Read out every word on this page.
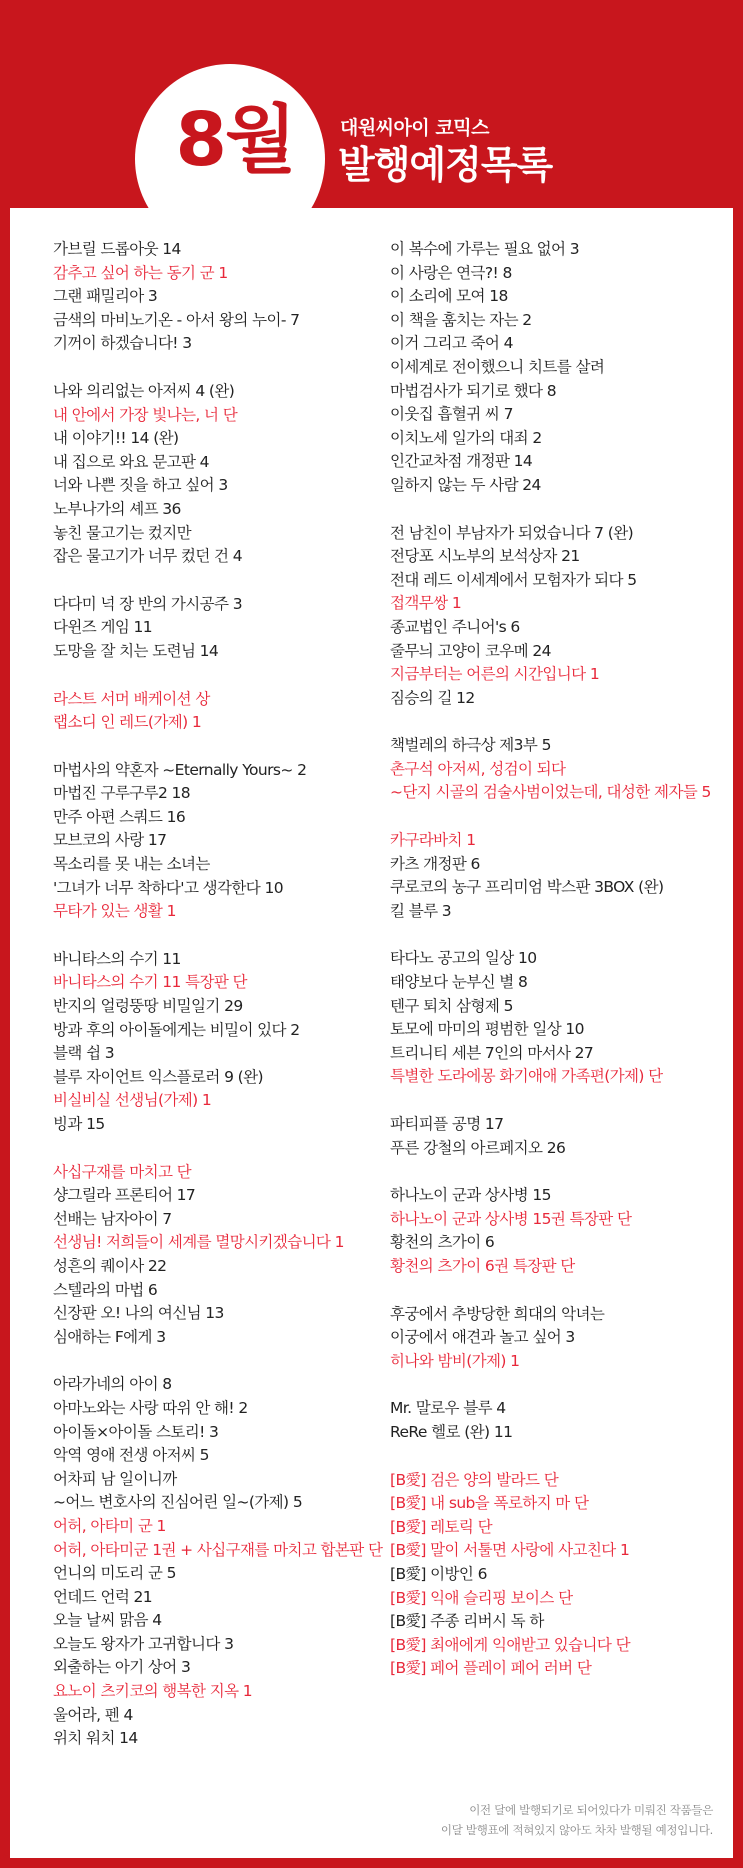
8월	대원씨아이 코믹스
발행예정목록
가브릴 드롭아웃 14
감추고 싶어 하는 동기 군 1
그랜 패밀리아 3
금색의 마비노기온 - 아서 왕의 누이- 7
기꺼이 하겠습니다! 3
나와 의리없는 아저씨 4 (완)
내 안에서 가장 빛나는, 너 단
내 이야기!! 14 (완)
내 집으로 와요 문고판 4
너와 나쁜 짓을 하고 싶어 3
노부나가의 셰프 36
놓친 물고기는 컸지만
잡은 물고기가 너무 컸던 건 4
다다미 넉 장 반의 가시공주 3
다윈즈 게임 11
도망을 잘 치는 도련님 14
라스트 서머 배케이션 상
랩소디 인 레드(가제) 1
마법사의 약혼자 ~Eternally Yours~ 2
마법진 구루구루2 18
만주 아편 스쿼드 16
모브코의 사랑 17
목소리를 못 내는 소녀는
'그녀가 너무 착하다'고 생각한다 10
무타가 있는 생활 1
바니타스의 수기 11
바니타스의 수기 11 특장판 단
반지의 얼렁뚱땅 비밀일기 29
방과 후의 아이돌에게는 비밀이 있다 2
블랙 쉽 3
블루 자이언트 익스플로러 9 (완)
비실비실 선생님(가제) 1
빙과 15
사십구재를 마치고 단
샹그릴라 프론티어 17
선배는 남자아이 7
선생님! 저희들이 세계를 멸망시키겠습니다 1
성흔의 퀘이사 22
스텔라의 마법 6
신장판 오! 나의 여신님 13
심애하는 F에게 3
아라가네의 아이 8
아마노와는 사랑 따위 안 해! 2
아이돌×아이돌 스토리! 3
악역 영애 전생 아저씨 5
어차피 남 일이니까
~어느 변호사의 진심어린 일~(가제) 5
어허, 아타미 군 1
어허, 아타미군 1권 + 사십구재를 마치고 합본판 단
언니의 미도리 군 5
언데드 언럭 21
오늘 날씨 맑음 4
오늘도 왕자가 고귀합니다 3
외출하는 아기 상어 3
요노이 츠키코의 행복한 지옥 1
울어라, 펜 4
위치 워치 14
이 복수에 가루는 필요 없어 3
이 사랑은 연극?! 8
이 소리에 모여 18
이 책을 훔치는 자는 2
이거 그리고 죽어 4
이세계로 전이했으니 치트를 살려
마법검사가 되기로 했다 8
이웃집 흡혈귀 씨 7
이치노세 일가의 대죄 2
인간교차점 개정판 14
일하지 않는 두 사람 24
전 남친이 부남자가 되었습니다 7 (완)
전당포 시노부의 보석상자 21
전대 레드 이세계에서 모험자가 되다 5
접객무쌍 1
종교법인 주니어's 6
줄무늬 고양이 코우메 24
지금부터는 어른의 시간입니다 1
짐승의 길 12
책벌레의 하극상 제3부 5
촌구석 아저씨, 성검이 되다
~단지 시골의 검술사범이었는데, 대성한 제자들 5
카구라바치 1
카츠 개정판 6
쿠로코의 농구 프리미엄 박스판 3BOX (완)
킬 블루 3
타다노 공고의 일상 10
태양보다 눈부신 별 8
텐구 퇴치 삼형제 5
토모에 마미의 평범한 일상 10
트리니티 세븐 7인의 마서사 27
특별한 도라에몽 화기애애 가족편(가제) 단
파티피플 공명 17
푸른 강철의 아르페지오 26
하나노이 군과 상사병 15
하나노이 군과 상사병 15권 특장판 단
황천의 츠가이 6
황천의 츠가이 6권 특장판 단
후궁에서 추방당한 희대의 악녀는
이궁에서 애견과 놀고 싶어 3
히나와 밤비(가제) 1
Mr. 말로우 블루 4
ReRe 헬로 (완) 11
[B愛] 검은 양의 발라드 단
[B愛] 내 sub을 폭로하지 마 단
[B愛] 레토릭 단
[B愛] 말이 서툴면 사랑에 사고친다 1
[B愛] 이방인 6
[B愛] 익애 슬리핑 보이스 단
[B愛] 주종 리버시 독 하
[B愛] 최애에게 익애받고 있습니다 단
[B愛] 페어 플레이 페어 러버 단
이전 달에 발행되기로 되어있다가 미뤄진 작품들은
이달 발행표에 적혀있지 않아도 차차 발행될 예정입니다.
